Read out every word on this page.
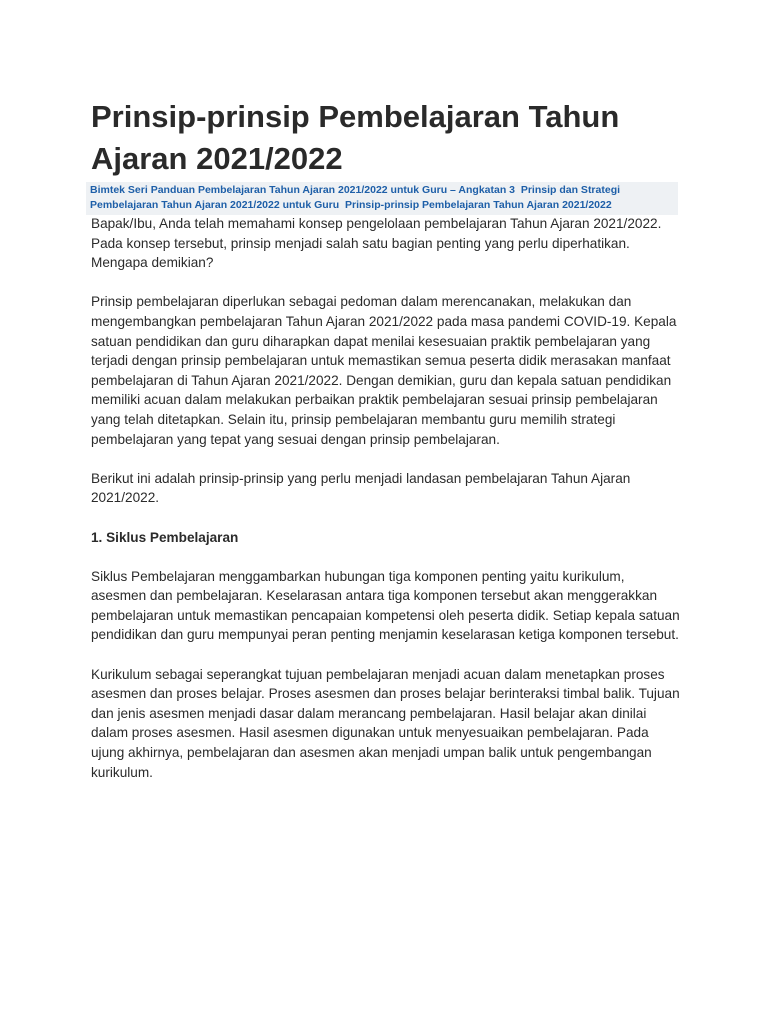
Prinsip-prinsip Pembelajaran Tahun
Ajaran 2021/2022
Bimtek Seri Panduan Pembelajaran Tahun Ajaran 2021/2022 untuk Guru – Angkatan 3 Prinsip dan Strategi Pembelajaran Tahun Ajaran 2021/2022 untuk Guru Prinsip-prinsip Pembelajaran Tahun Ajaran 2021/2022

Bapak/Ibu, Anda telah memahami konsep pengelolaan pembelajaran Tahun Ajaran 2021/2022. Pada konsep tersebut, prinsip menjadi salah satu bagian penting yang perlu diperhatikan. Mengapa demikian?

Prinsip pembelajaran diperlukan sebagai pedoman dalam merencanakan, melakukan dan mengembangkan pembelajaran Tahun Ajaran 2021/2022 pada masa pandemi COVID-19. Kepala satuan pendidikan dan guru diharapkan dapat menilai kesesuaian praktik pembelajaran yang terjadi dengan prinsip pembelajaran untuk memastikan semua peserta didik merasakan manfaat pembelajaran di Tahun Ajaran 2021/2022. Dengan demikian, guru dan kepala satuan pendidikan memiliki acuan dalam melakukan perbaikan praktik pembelajaran sesuai prinsip pembelajaran yang telah ditetapkan. Selain itu, prinsip pembelajaran membantu guru memilih strategi pembelajaran yang tepat yang sesuai dengan prinsip pembelajaran.

Berikut ini adalah prinsip-prinsip yang perlu menjadi landasan pembelajaran Tahun Ajaran 2021/2022.

1. Siklus Pembelajaran

Siklus Pembelajaran menggambarkan hubungan tiga komponen penting yaitu kurikulum, asesmen dan pembelajaran. Keselarasan antara tiga komponen tersebut akan menggerakkan pembelajaran untuk memastikan pencapaian kompetensi oleh peserta didik. Setiap kepala satuan pendidikan dan guru mempunyai peran penting menjamin keselarasan ketiga komponen tersebut.

Kurikulum sebagai seperangkat tujuan pembelajaran menjadi acuan dalam menetapkan proses asesmen dan proses belajar. Proses asesmen dan proses belajar berinteraksi timbal balik. Tujuan dan jenis asesmen menjadi dasar dalam merancang pembelajaran. Hasil belajar akan dinilai dalam proses asesmen. Hasil asesmen digunakan untuk menyesuaikan pembelajaran. Pada ujung akhirnya, pembelajaran dan asesmen akan menjadi umpan balik untuk pengembangan kurikulum.
